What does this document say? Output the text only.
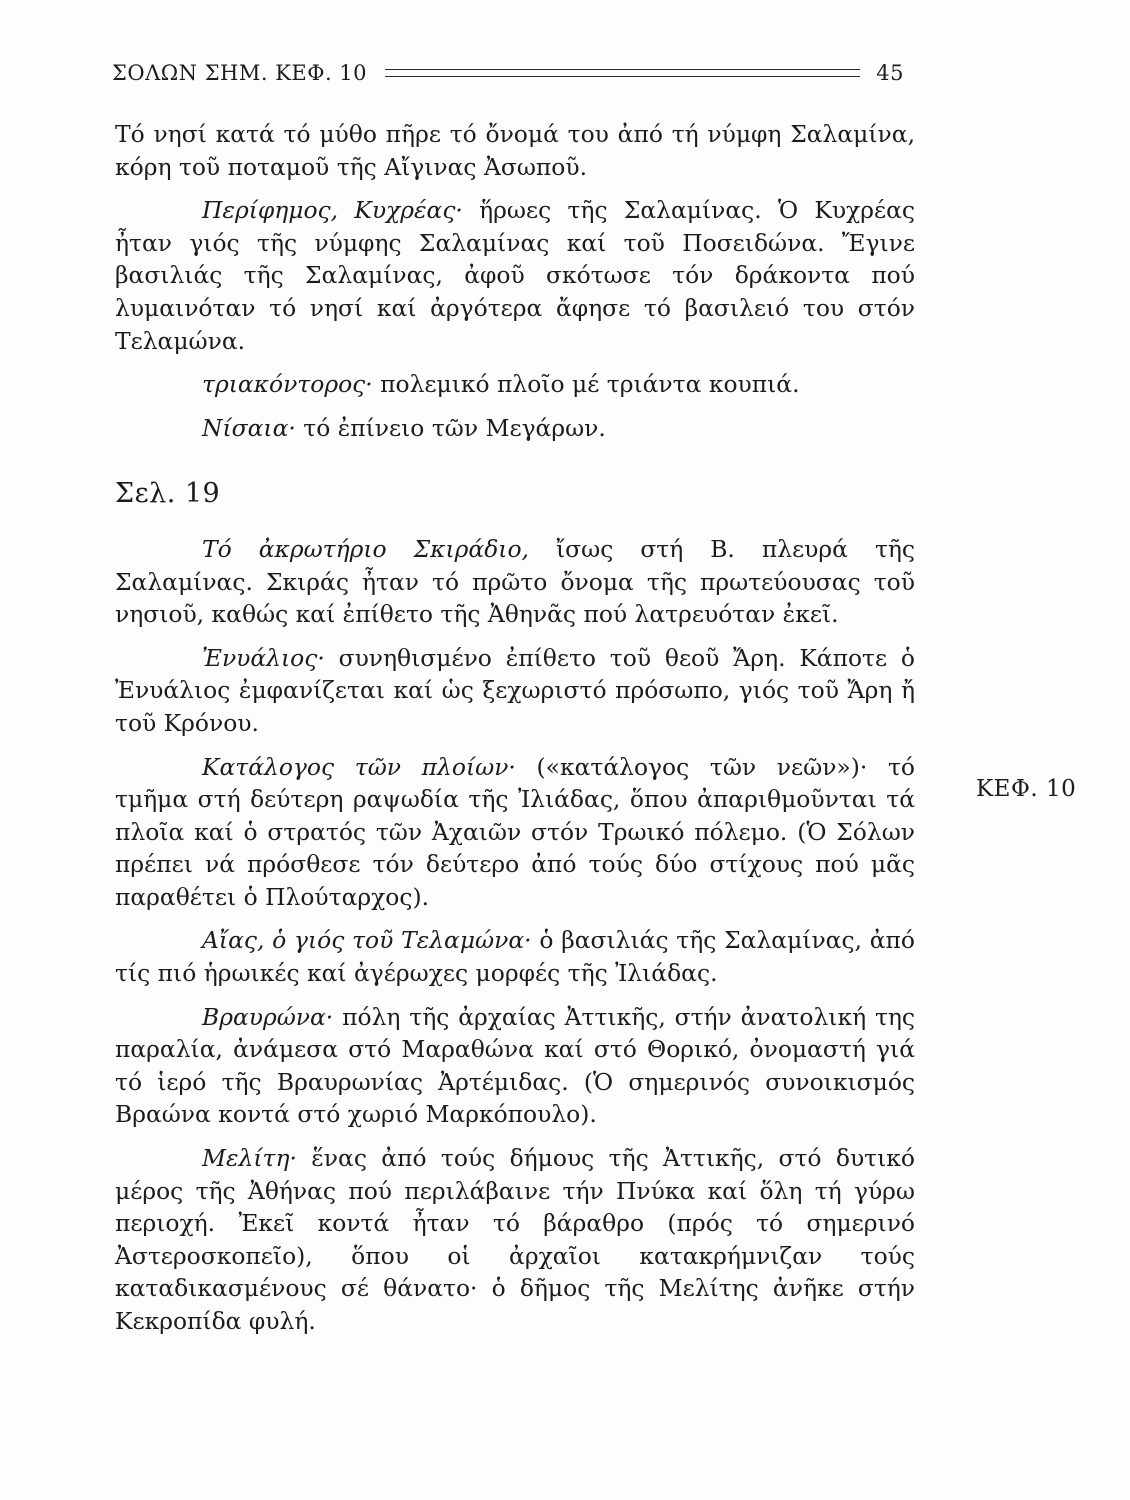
ΣΟΛΩΝ ΣΗΜ. ΚΕΦ. 10	45

Τό νησί κατά τό μύθο πῆρε τό ὄνομά του ἀπό τή νύμφη Σαλαμίνα, κόρη τοῦ ποταμοῦ τῆς Αἴγινας Ἀσωποῦ.

Περίφημος, Κυχρέας· ἥρωες τῆς Σαλαμίνας. Ὁ Κυχρέας ἦταν γιός τῆς νύμφης Σαλαμίνας καί τοῦ Ποσειδώνα. Ἔγινε βασιλιάς τῆς Σαλαμίνας, ἀφοῦ σκότωσε τόν δράκοντα πού λυμαινόταν τό νησί καί ἀργότερα ἄφησε τό βασιλειό του στόν Τελαμώνα.

τριακόντορος· πολεμικό πλοῖο μέ τριάντα κουπιά.

Νίσαια· τό ἐπίνειο τῶν Μεγάρων.

Σελ. 19

Τό ἀκρωτήριο Σκιράδιο, ἴσως στή Β. πλευρά τῆς Σαλαμίνας. Σκιράς ἦταν τό πρῶτο ὄνομα τῆς πρωτεύουσας τοῦ νησιοῦ, καθώς καί ἐπίθετο τῆς Ἀθηνᾶς πού λατρευόταν ἐκεῖ.

Ἐνυάλιος· συνηθισμένο ἐπίθετο τοῦ θεοῦ Ἄρη. Κάποτε ὁ Ἐνυάλιος ἐμφανίζεται καί ὡς ξεχωριστό πρόσωπο, γιός τοῦ Ἄρη ἤ τοῦ Κρόνου.

Κατάλογος τῶν πλοίων· («κατάλογος τῶν νεῶν»)· τό τμῆμα στή δεύτερη ραψωδία τῆς Ἰλιάδας, ὅπου ἀπαριθμοῦνται τά πλοῖα καί ὁ στρατός τῶν Ἀχαιῶν στόν Τρωικό πόλεμο. (Ὁ Σόλων πρέπει νά πρόσθεσε τόν δεύτερο ἀπό τούς δύο στίχους πού μᾶς παραθέτει ὁ Πλούταρχος).

Αἴας, ὁ γιός τοῦ Τελαμώνα· ὁ βασιλιάς τῆς Σαλαμίνας, ἀπό τίς πιό ἡρωικές καί ἀγέρωχες μορφές τῆς Ἰλιάδας.

Βραυρώνα· πόλη τῆς ἀρχαίας Ἀττικῆς, στήν ἀνατολική της παραλία, ἀνάμεσα στό Μαραθώνα καί στό Θορικό, ὀνομαστή γιά τό ἱερό τῆς Βραυρωνίας Ἀρτέμιδας. (Ὁ σημερινός συνοικισμός Βραώνα κοντά στό χωριό Μαρκόπουλο).

Μελίτη· ἕνας ἀπό τούς δήμους τῆς Ἀττικῆς, στό δυτικό μέρος τῆς Ἀθήνας πού περιλάβαινε τήν Πνύκα καί ὅλη τή γύρω περιοχή. Ἐκεῖ κοντά ἦταν τό βάραθρο (πρός τό σημερινό Ἀστεροσκοπεῖο), ὅπου οἱ ἀρχαῖοι κατακρήμνιζαν τούς καταδικασμένους σέ θάνατο· ὁ δῆμος τῆς Μελίτης ἀνῆκε στήν Κεκροπίδα φυλή.

ΚΕΦ. 10
